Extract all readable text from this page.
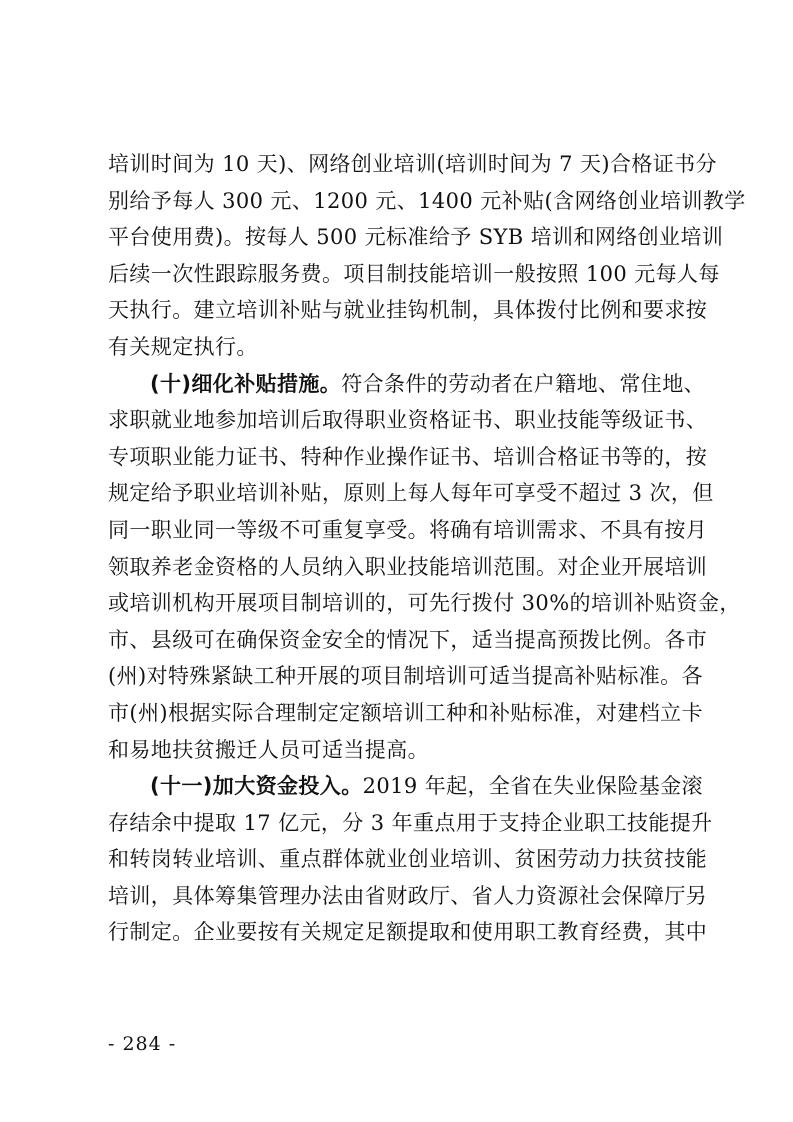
培训时间为 10 天)、网络创业培训(培训时间为 7 天)合格证书分
别给予每人 300 元、1200 元、1400 元补贴(含网络创业培训教学
平台使用费)。按每人 500 元标准给予 SYB 培训和网络创业培训
后续一次性跟踪服务费。项目制技能培训一般按照 100 元每人每
天执行。建立培训补贴与就业挂钩机制，具体拨付比例和要求按
有关规定执行。
(十)细化补贴措施。符合条件的劳动者在户籍地、常住地、
求职就业地参加培训后取得职业资格证书、职业技能等级证书、
专项职业能力证书、特种作业操作证书、培训合格证书等的，按
规定给予职业培训补贴，原则上每人每年可享受不超过 3 次，但
同一职业同一等级不可重复享受。将确有培训需求、不具有按月
领取养老金资格的人员纳入职业技能培训范围。对企业开展培训
或培训机构开展项目制培训的，可先行拨付 30%的培训补贴资金，
市、县级可在确保资金安全的情况下，适当提高预拨比例。各市
(州)对特殊紧缺工种开展的项目制培训可适当提高补贴标准。各
市(州)根据实际合理制定定额培训工种和补贴标准，对建档立卡
和易地扶贫搬迁人员可适当提高。
(十一)加大资金投入。2019 年起，全省在失业保险基金滚
存结余中提取 17 亿元，分 3 年重点用于支持企业职工技能提升
和转岗转业培训、重点群体就业创业培训、贫困劳动力扶贫技能
培训，具体筹集管理办法由省财政厅、省人力资源社会保障厅另
行制定。企业要按有关规定足额提取和使用职工教育经费，其中
- 284 -
